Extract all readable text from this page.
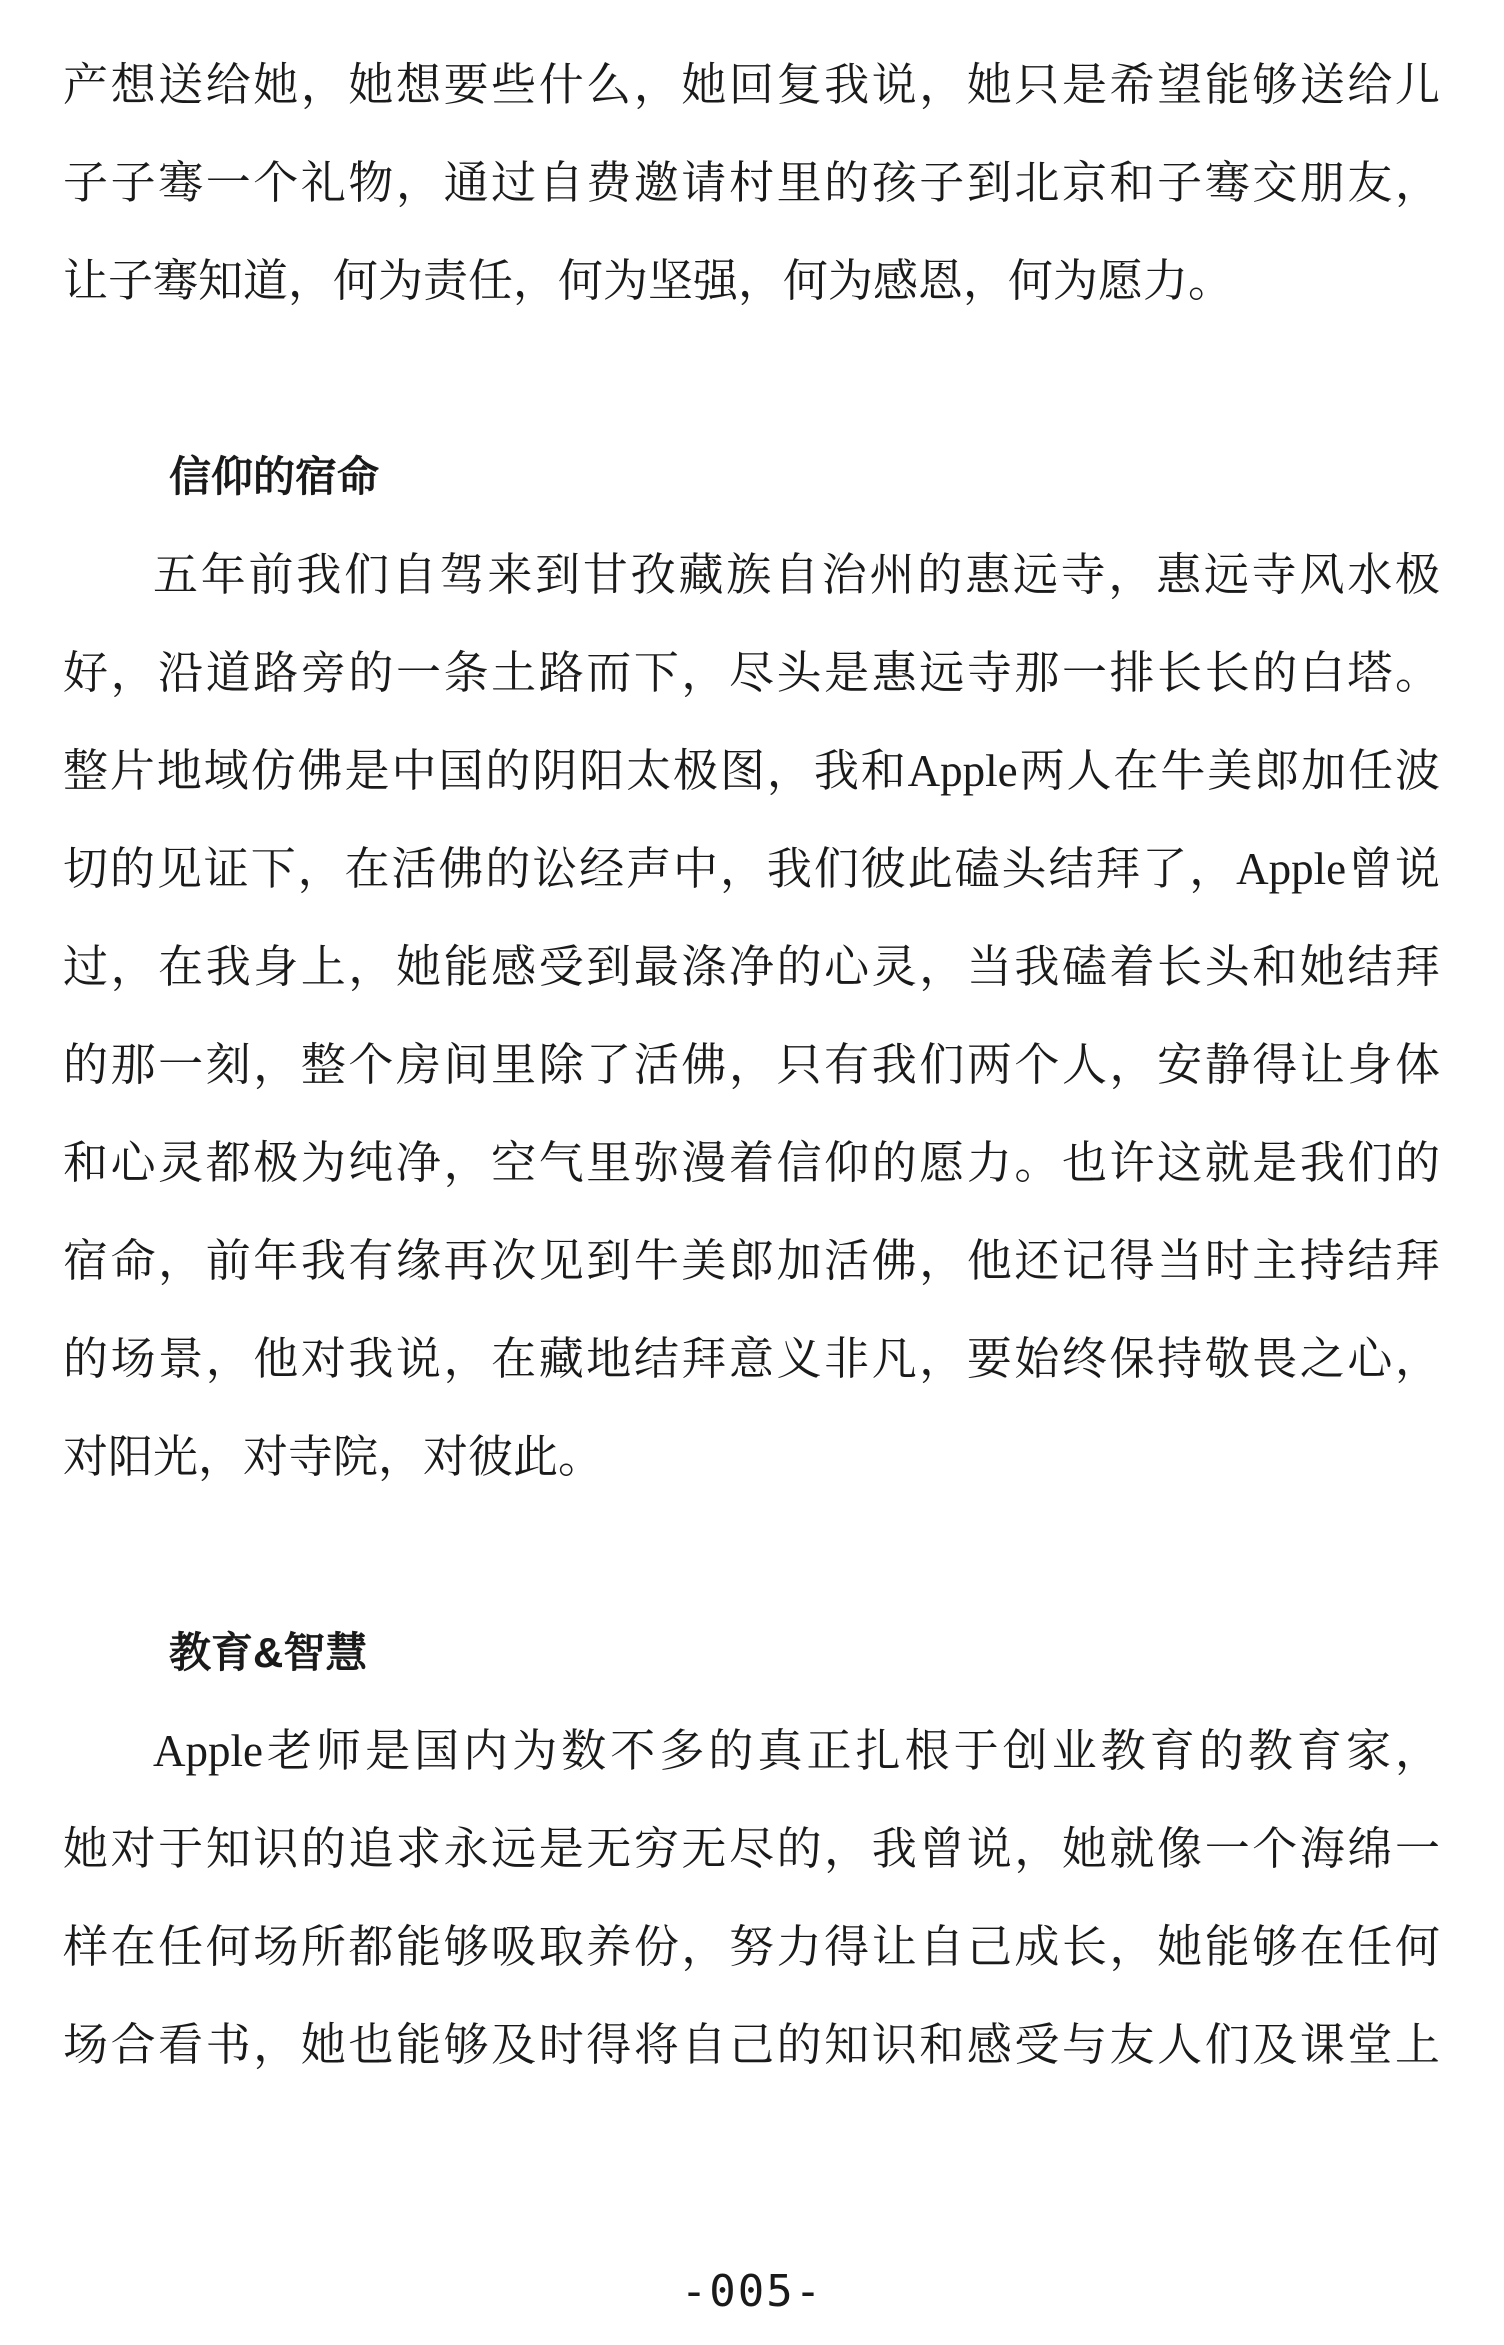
产想送给她，她想要些什么，她回复我说，她只是希望能够送给儿
子子骞一个礼物，通过自费邀请村里的孩子到北京和子骞交朋友，
让子骞知道，何为责任，何为坚强，何为感恩，何为愿力。
信仰的宿命
五年前我们自驾来到甘孜藏族自治州的惠远寺，惠远寺风水极
好，沿道路旁的一条土路而下，尽头是惠远寺那一排长长的白塔。
整片地域仿佛是中国的阴阳太极图，我和Apple两人在牛美郎加任波
切的见证下，在活佛的讼经声中，我们彼此磕头结拜了，Apple曾说
过，在我身上，她能感受到最涤净的心灵，当我磕着长头和她结拜
的那一刻，整个房间里除了活佛，只有我们两个人，安静得让身体
和心灵都极为纯净，空气里弥漫着信仰的愿力。也许这就是我们的
宿命，前年我有缘再次见到牛美郎加活佛，他还记得当时主持结拜
的场景，他对我说，在藏地结拜意义非凡，要始终保持敬畏之心，
对阳光，对寺院，对彼此。
教育&智慧
Apple老师是国内为数不多的真正扎根于创业教育的教育家，
她对于知识的追求永远是无穷无尽的，我曾说，她就像一个海绵一
样在任何场所都能够吸取养份，努力得让自己成长，她能够在任何
场合看书，她也能够及时得将自己的知识和感受与友人们及课堂上
-005-
